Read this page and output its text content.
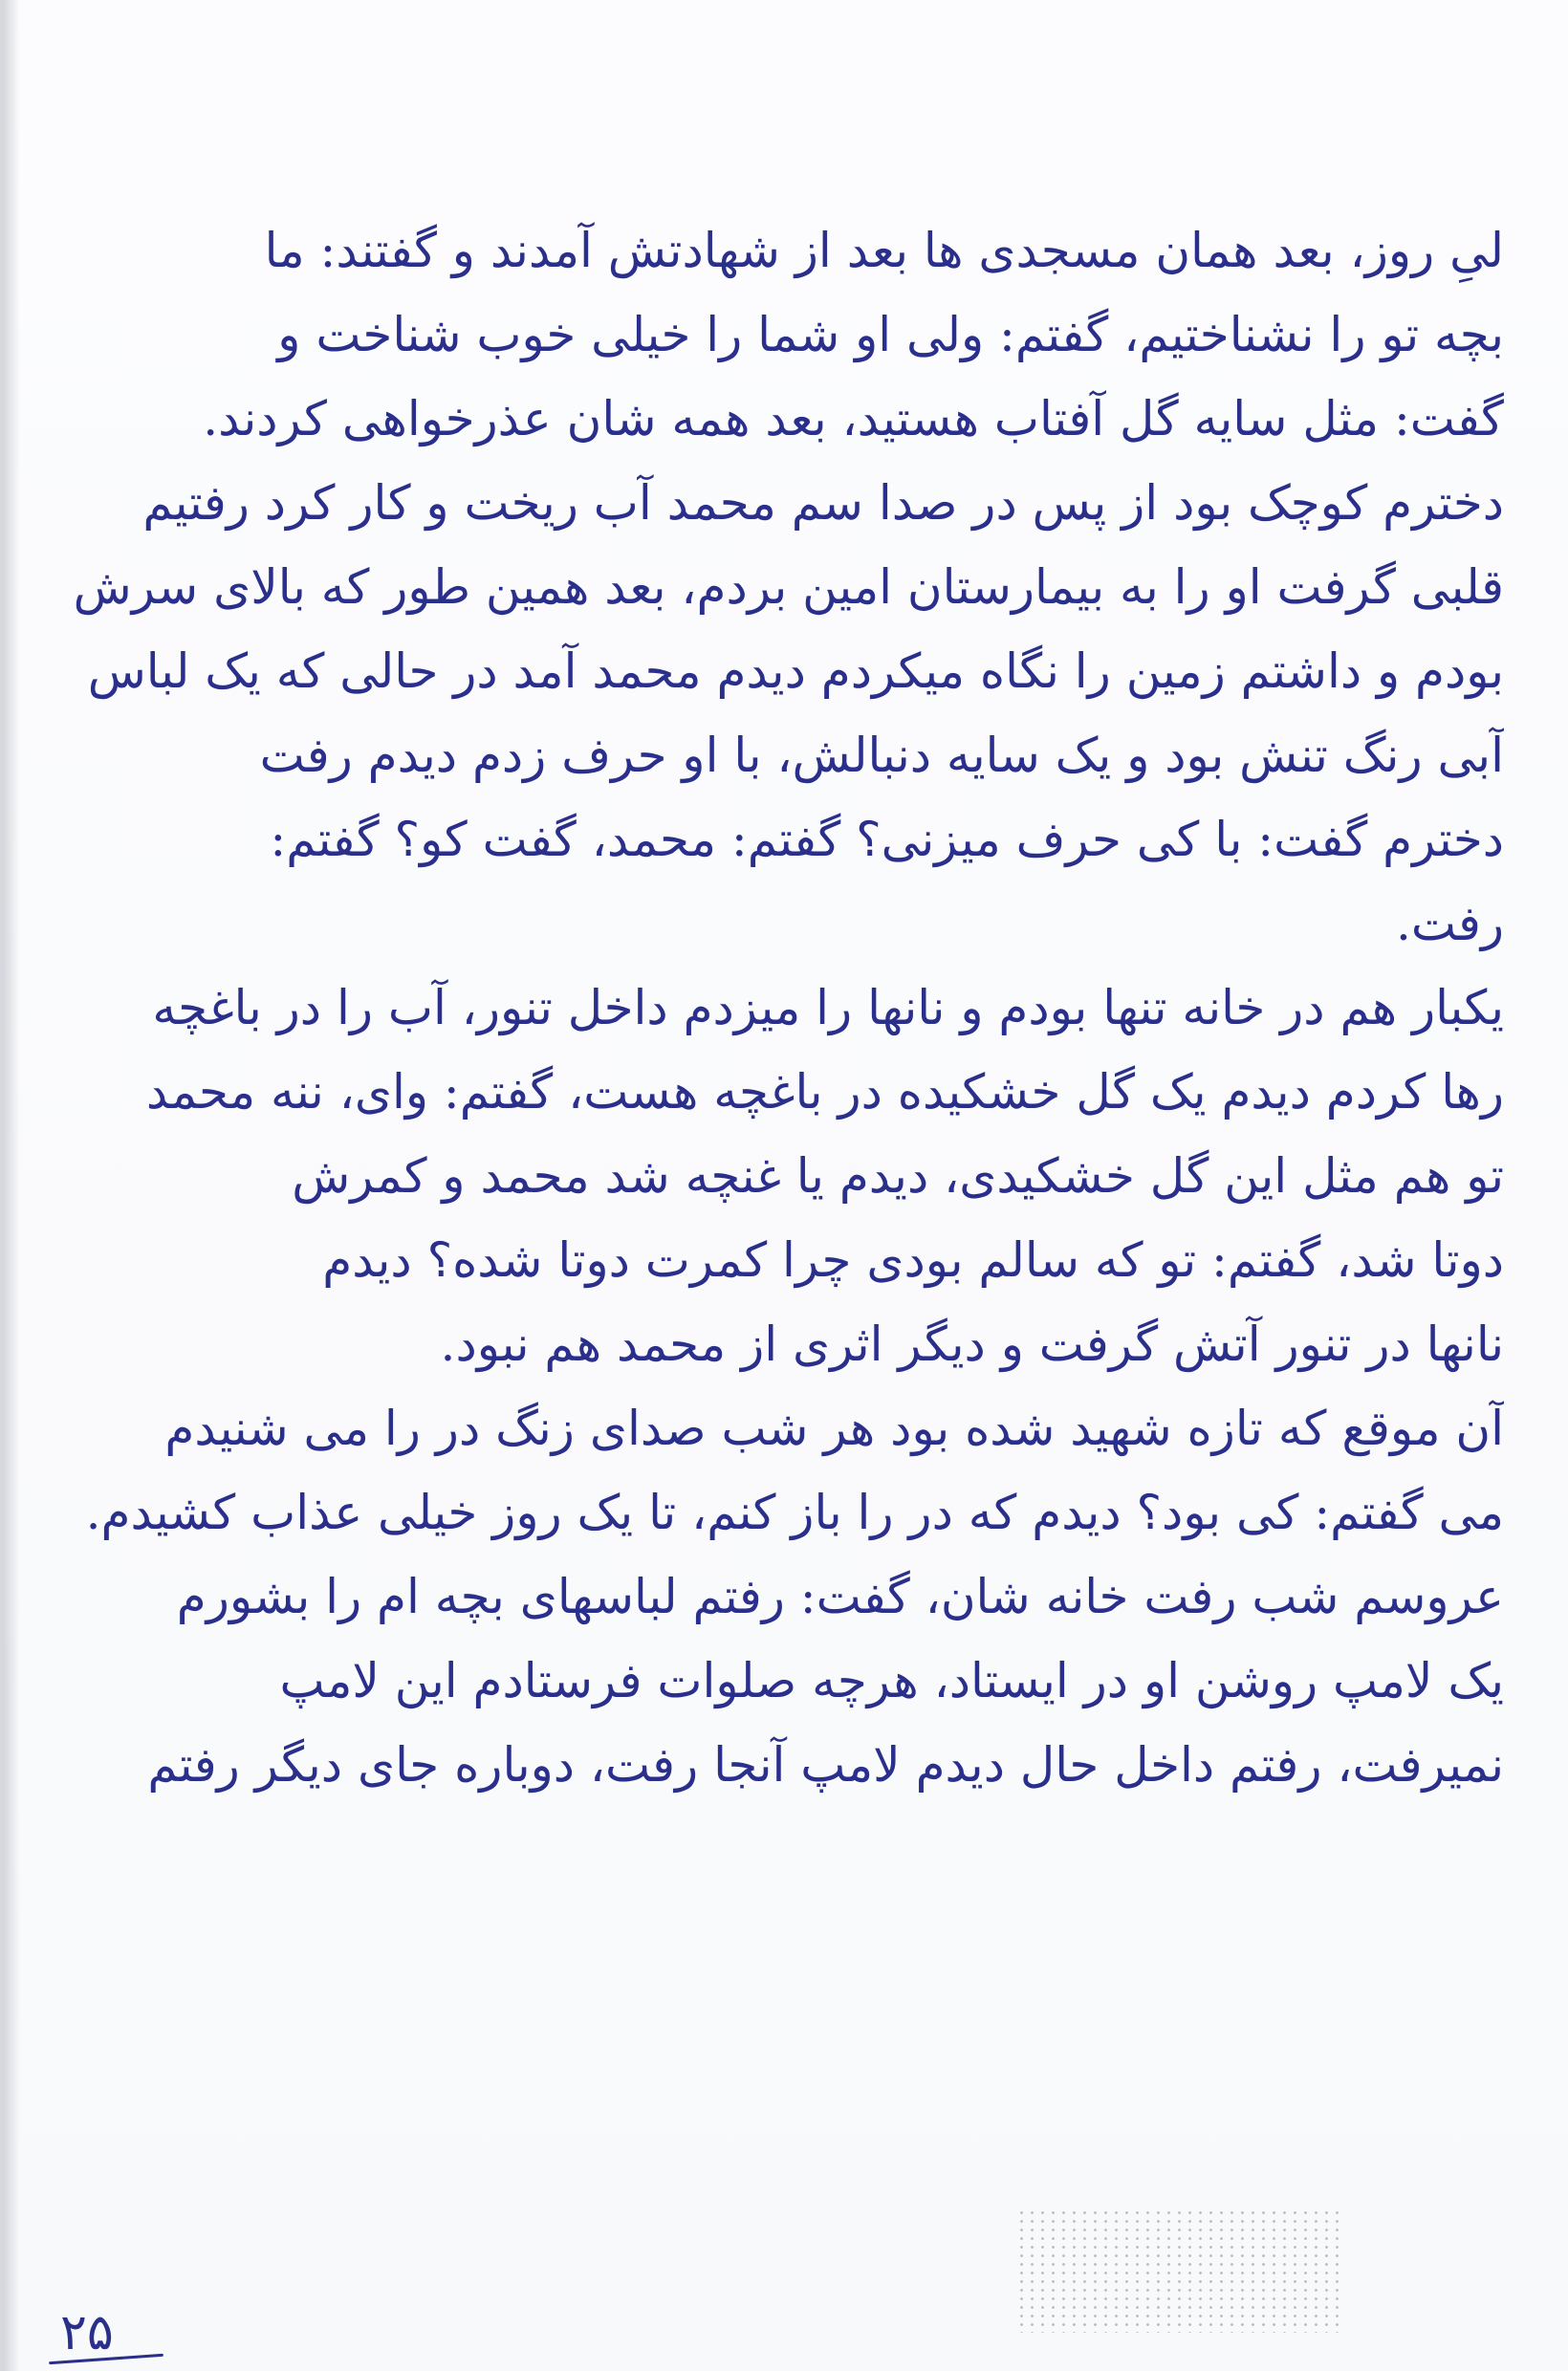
لیِ روز، بعد همان مسجدی ها بعد از شهادتش آمدند و گفتند: ما
بچه تو را نشناختیم، گفتم: ولی او شما را خیلی خوب شناخت و
گفت: مثل سایه گل آفتاب هستید، بعد همه شان عذرخواهی کردند.
دخترم کوچک بود از پس در صدا سم محمد آب ریخت و کار کرد رفتیم
قلبی گرفت او را به بیمارستان امین بردم، بعد همین طور که بالای سرش
بودم و داشتم زمین را نگاه میکردم دیدم محمد آمد در حالی که یک لباس
آبی رنگ تنش بود و یک سایه دنبالش، با او حرف زدم دیدم رفت
دخترم گفت: با کی حرف میزنی؟ گفتم: محمد، گفت کو؟ گفتم:
رفت.
یکبار هم در خانه تنها بودم و نانها را میزدم داخل تنور، آب را در باغچه
رها کردم دیدم یک گل خشکیده در باغچه هست، گفتم: وای، ننه محمد
تو هم مثل این گل خشکیدی، دیدم یا غنچه شد محمد و کمرش
دوتا شد، گفتم: تو که سالم بودی چرا کمرت دوتا شده؟ دیدم
نانها در تنور آتش گرفت و دیگر اثری از محمد هم نبود.
آن موقع که تازه شهید شده بود هر شب صدای زنگ در را می شنیدم
می گفتم: کی بود؟ دیدم که در را باز کنم، تا یک روز خیلی عذاب کشیدم.
عروسم شب رفت خانه شان، گفت: رفتم لباسهای بچه ام را بشورم
یک لامپ روشن او در ایستاد، هرچه صلوات فرستادم این لامپ
نمیرفت، رفتم داخل حال دیدم لامپ آنجا رفت، دوباره جای دیگر رفتم
۲۵
